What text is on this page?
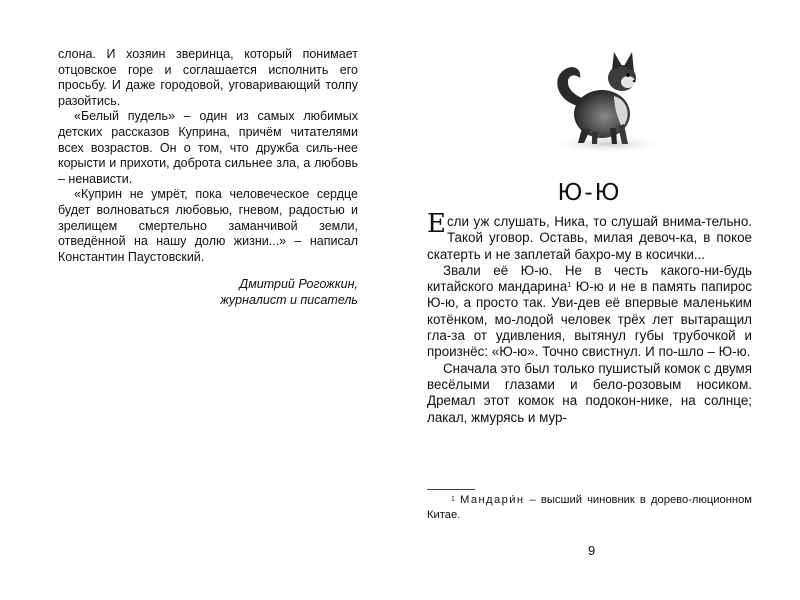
слона. И хозяин зверинца, который понимает отцовское горе и соглашается исполнить его просьбу. И даже городовой, уговаривающий толпу разойтись.

«Белый пудель» – один из самых любимых детских рассказов Куприна, причём читателями всех возрастов. Он о том, что дружба силь-нее корысти и прихоти, доброта сильнее зла, а любовь – ненависти.

«Куприн не умрёт, пока человеческое сердце будет волноваться любовью, гневом, радостью и зрелищем смертельно заманчивой земли, отведённой на нашу долю жизни...» – написал Константин Паустовский.

Дмитрий Рогожкин,
журналист и писатель
Ю-Ю

Если уж слушать, Ника, то слушай внима-тельно. Такой уговор. Оставь, милая девоч-ка, в покое скатерть и не заплетай бахро-му в косички...

Звали её Ю-ю. Не в честь какого-ни-будь китайского мандарина$^1$ Ю-ю и не в память папирос Ю-ю, а просто так. Уви-дев её впервые маленьким котёнком, мо-лодой человек трёх лет вытаращил гла-за от удивления, вытянул губы трубочкой и произнёс: «Ю-ю». Точно свистнул. И по-шло – Ю-ю.

Сначала это был только пушистый комок с двумя весёлыми глазами и бело-розовым носиком. Дремал этот комок на подокон-нике, на солнце; лакал, жмурясь и мур-

$^1$ Мандари́н – высший чиновник в дорево-люционном Китае.
9
